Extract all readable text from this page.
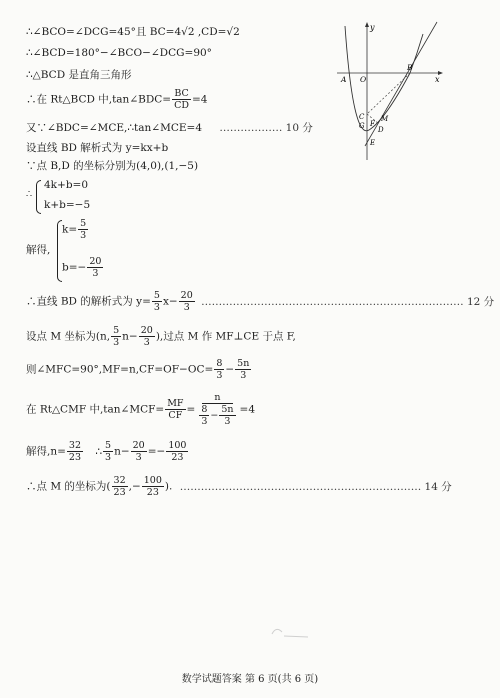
∴∠BCO=∠DCG=45°且 BC=4√2 ,CD=√2
∴∠BCD=180°−∠BCO−∠DCG=90°
∴△BCD 是直角三角形
∴在 Rt△BCD 中,tan∠BDC= $\frac{BC}{CD} =4$
又∵∠BDC=∠MCE,∴tan∠MCE=4 ……………… 10 分
设直线 BD 解析式为 y=kx+b
∵点 B,D 的坐标分别为(4,0),(1,−5)
∴
4k+b=0
k+b=−5
解得,
$k= \frac{5}{3}$
$b=- \frac{20}{3}$
∴直线 BD 的解析式为 $y= \frac{5}{3} x- \frac{20}{3}$ ………………………………………………………………… 12 分
设点 M 坐标为(n, $\frac{5}{3} n- \frac{20}{3}$ ),过点 M 作 MF⊥CE 于点 F,
则∠MFC=90°,MF=n,CF=OF−OC= $\frac{8}{3} - \frac{5n}{3}$
在 Rt△CMF 中,tan∠MCF= $\frac{MF}{CF} = \frac{n}{\frac{8}{3} - \frac{5n}{3}} =4$
解得$,n= \frac{32}{23}$ ∴ $\frac{5}{3} n- \frac{20}{3} =- \frac{100}{23}$
∴点 M 的坐标为( $\frac{32}{23}$ ,− $\frac{100}{23}$ ). …………………………………………………………… 14 分
y
x
A O
B
C
G
M
D
F
E
数学试题答案 第 6 页(共 6 页)
